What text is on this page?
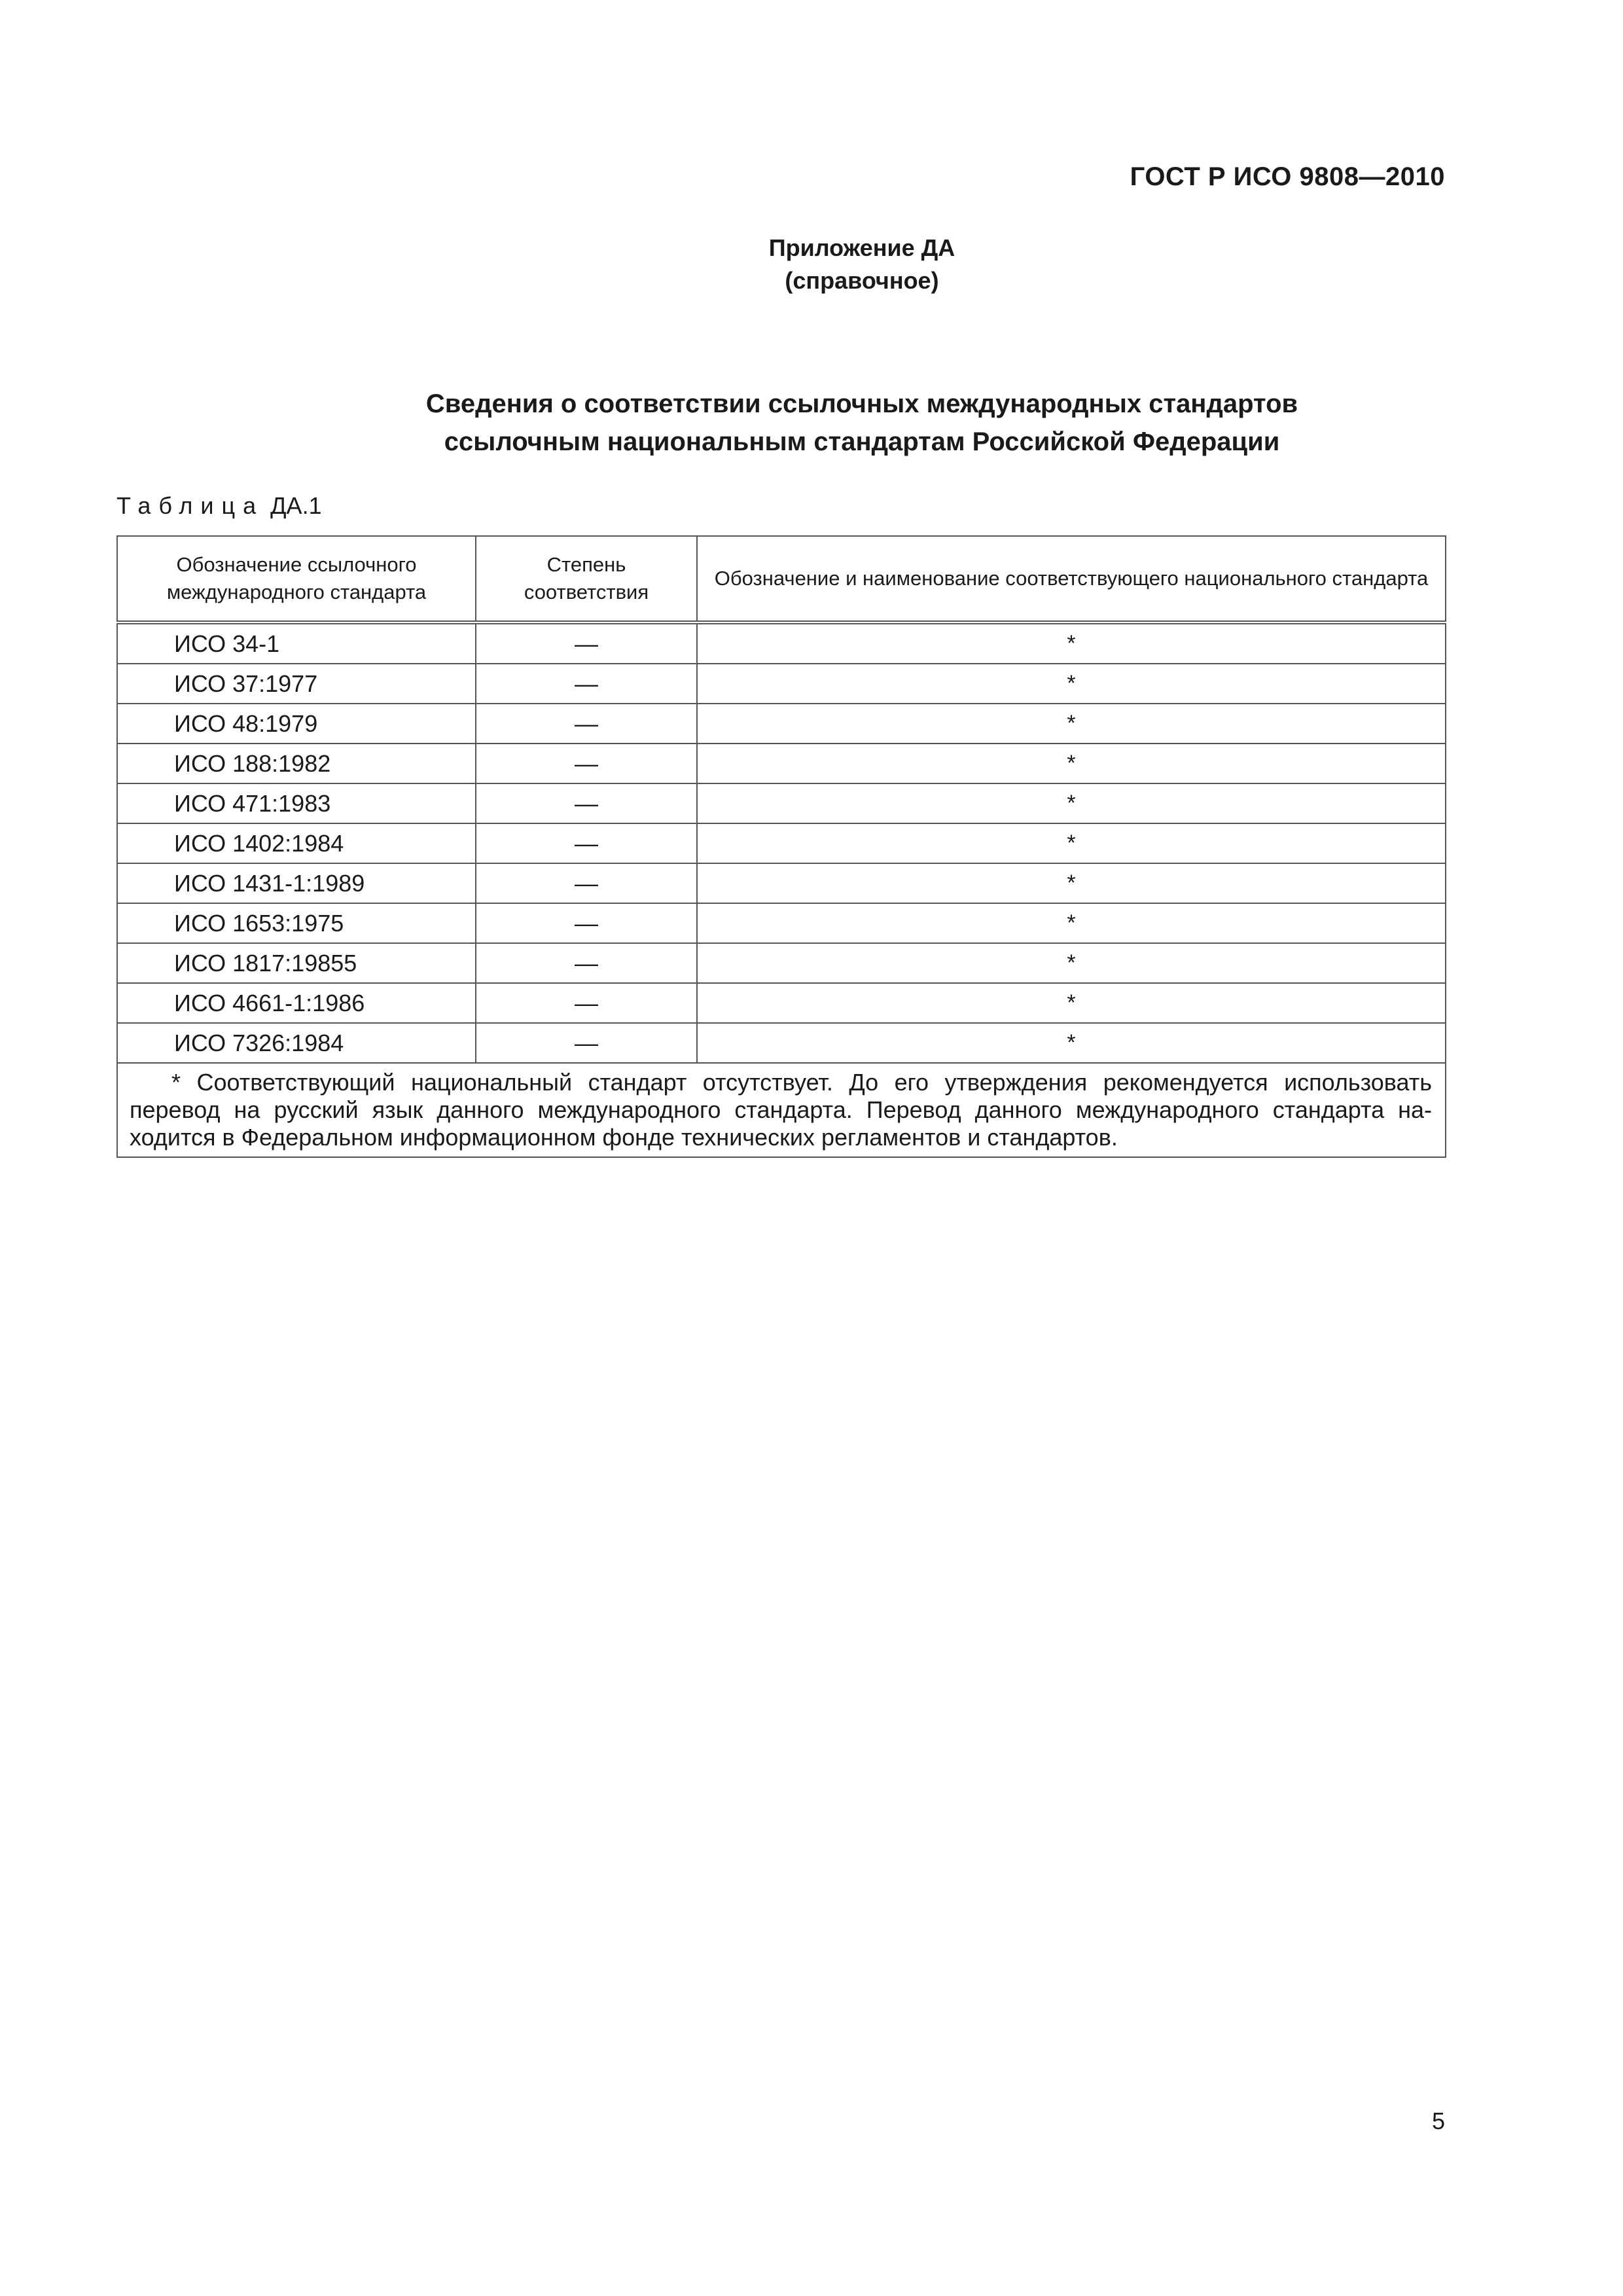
ГОСТ Р ИСО 9808—2010
Приложение ДА
(справочное)
Сведения о соответствии ссылочных международных стандартов
ссылочным национальным стандартам Российской Федерации
Таблица ДА.1
Обозначение ссылочного международного стандарта	Степень соответствия	Обозначение и наименование соответствующего национального стандарта
ИСО 34-1	—	*
ИСО 37:1977	—	*
ИСО 48:1979	—	*
ИСО 188:1982	—	*
ИСО 471:1983	—	*
ИСО 1402:1984	—	*
ИСО 1431-1:1989	—	*
ИСО 1653:1975	—	*
ИСО 1817:19855	—	*
ИСО 4661-1:1986	—	*
ИСО 7326:1984	—	*
* Соответствующий национальный стандарт отсутствует. До его утверждения рекомендуется использовать перевод на русский язык данного международного стандарта. Перевод данного международного стандарта на-ходится в Федеральном информационном фонде технических регламентов и стандартов.		
5
